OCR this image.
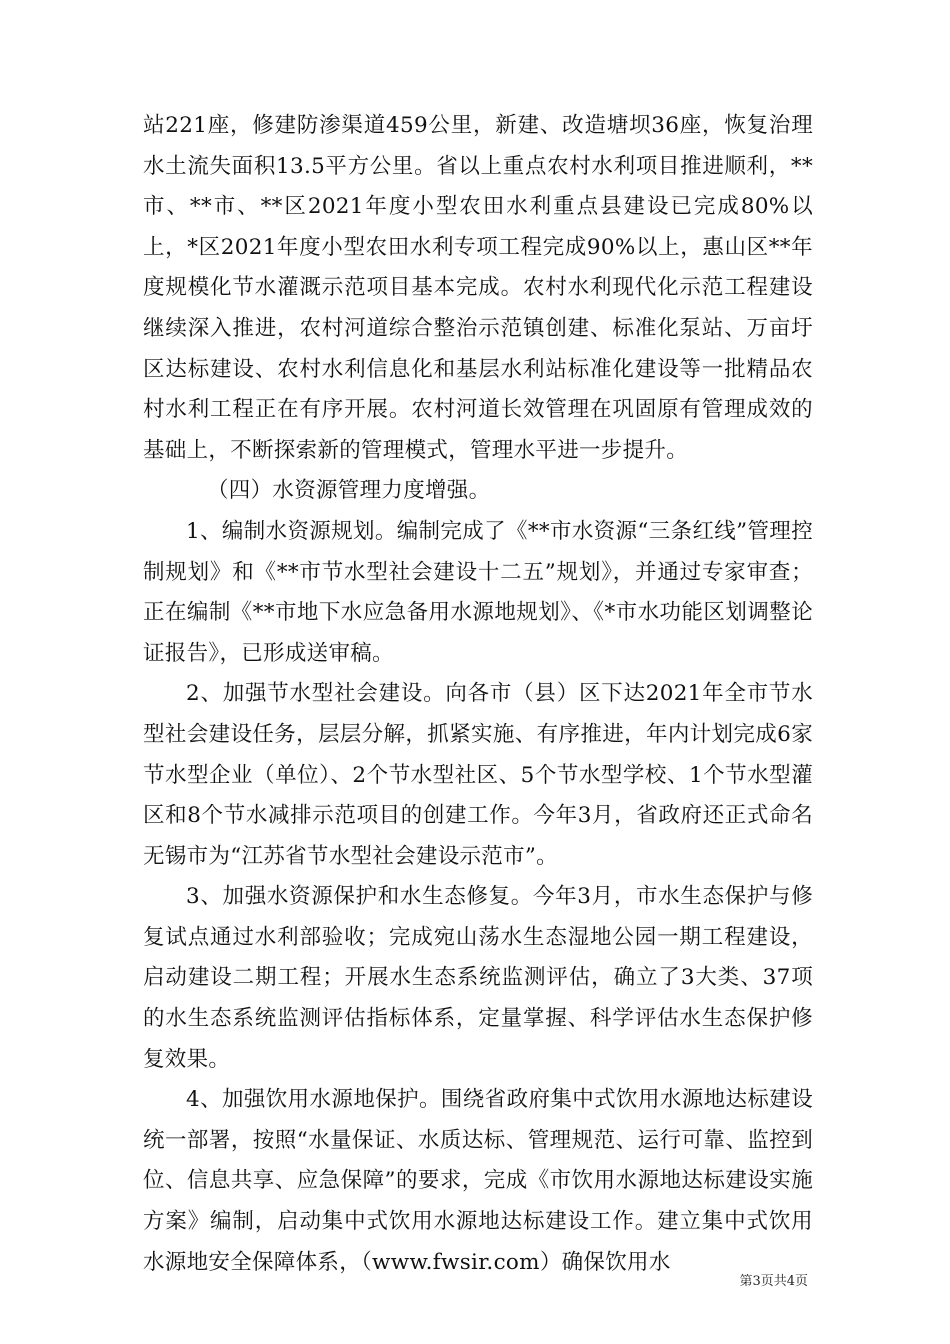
站221座，修建防渗渠道459公里，新建、改造塘坝36座，恢复治理水土流失面积13.5平方公里。省以上重点农村水利项目推进顺利，**市、**市、**区2021年度小型农田水利重点县建设已完成80%以上，*区2021年度小型农田水利专项工程完成90%以上，惠山区**年度规模化节水灌溉示范项目基本完成。农村水利现代化示范工程建设继续深入推进，农村河道综合整治示范镇创建、标准化泵站、万亩圩区达标建设、农村水利信息化和基层水利站标准化建设等一批精品农村水利工程正在有序开展。农村河道长效管理在巩固原有管理成效的基础上，不断探索新的管理模式，管理水平进一步提升。

（四）水资源管理力度增强。

1、编制水资源规划。编制完成了《**市水资源“三条红线”管理控制规划》和《**市节水型社会建设十二五”规划》，并通过专家审查；正在编制《**市地下水应急备用水源地规划》、《*市水功能区划调整论证报告》，已形成送审稿。

2、加强节水型社会建设。向各市（县）区下达2021年全市节水型社会建设任务，层层分解，抓紧实施、有序推进，年内计划完成6家节水型企业（单位）、2个节水型社区、5个节水型学校、1个节水型灌区和8个节水减排示范项目的创建工作。今年3月，省政府还正式命名无锡市为“江苏省节水型社会建设示范市”。

3、加强水资源保护和水生态修复。今年3月，市水生态保护与修复试点通过水利部验收；完成宛山荡水生态湿地公园一期工程建设，启动建设二期工程；开展水生态系统监测评估，确立了3大类、37项的水生态系统监测评估指标体系，定量掌握、科学评估水生态保护修复效果。

4、加强饮用水源地保护。围绕省政府集中式饮用水源地达标建设统一部署，按照“水量保证、水质达标、管理规范、运行可靠、监控到位、信息共享、应急保障”的要求，完成《市饮用水源地达标建设实施方案》编制，启动集中式饮用水源地达标建设工作。建立集中式饮用水源地安全保障体系，（www.fwsir.com）确保饮用水

第3页共4页
